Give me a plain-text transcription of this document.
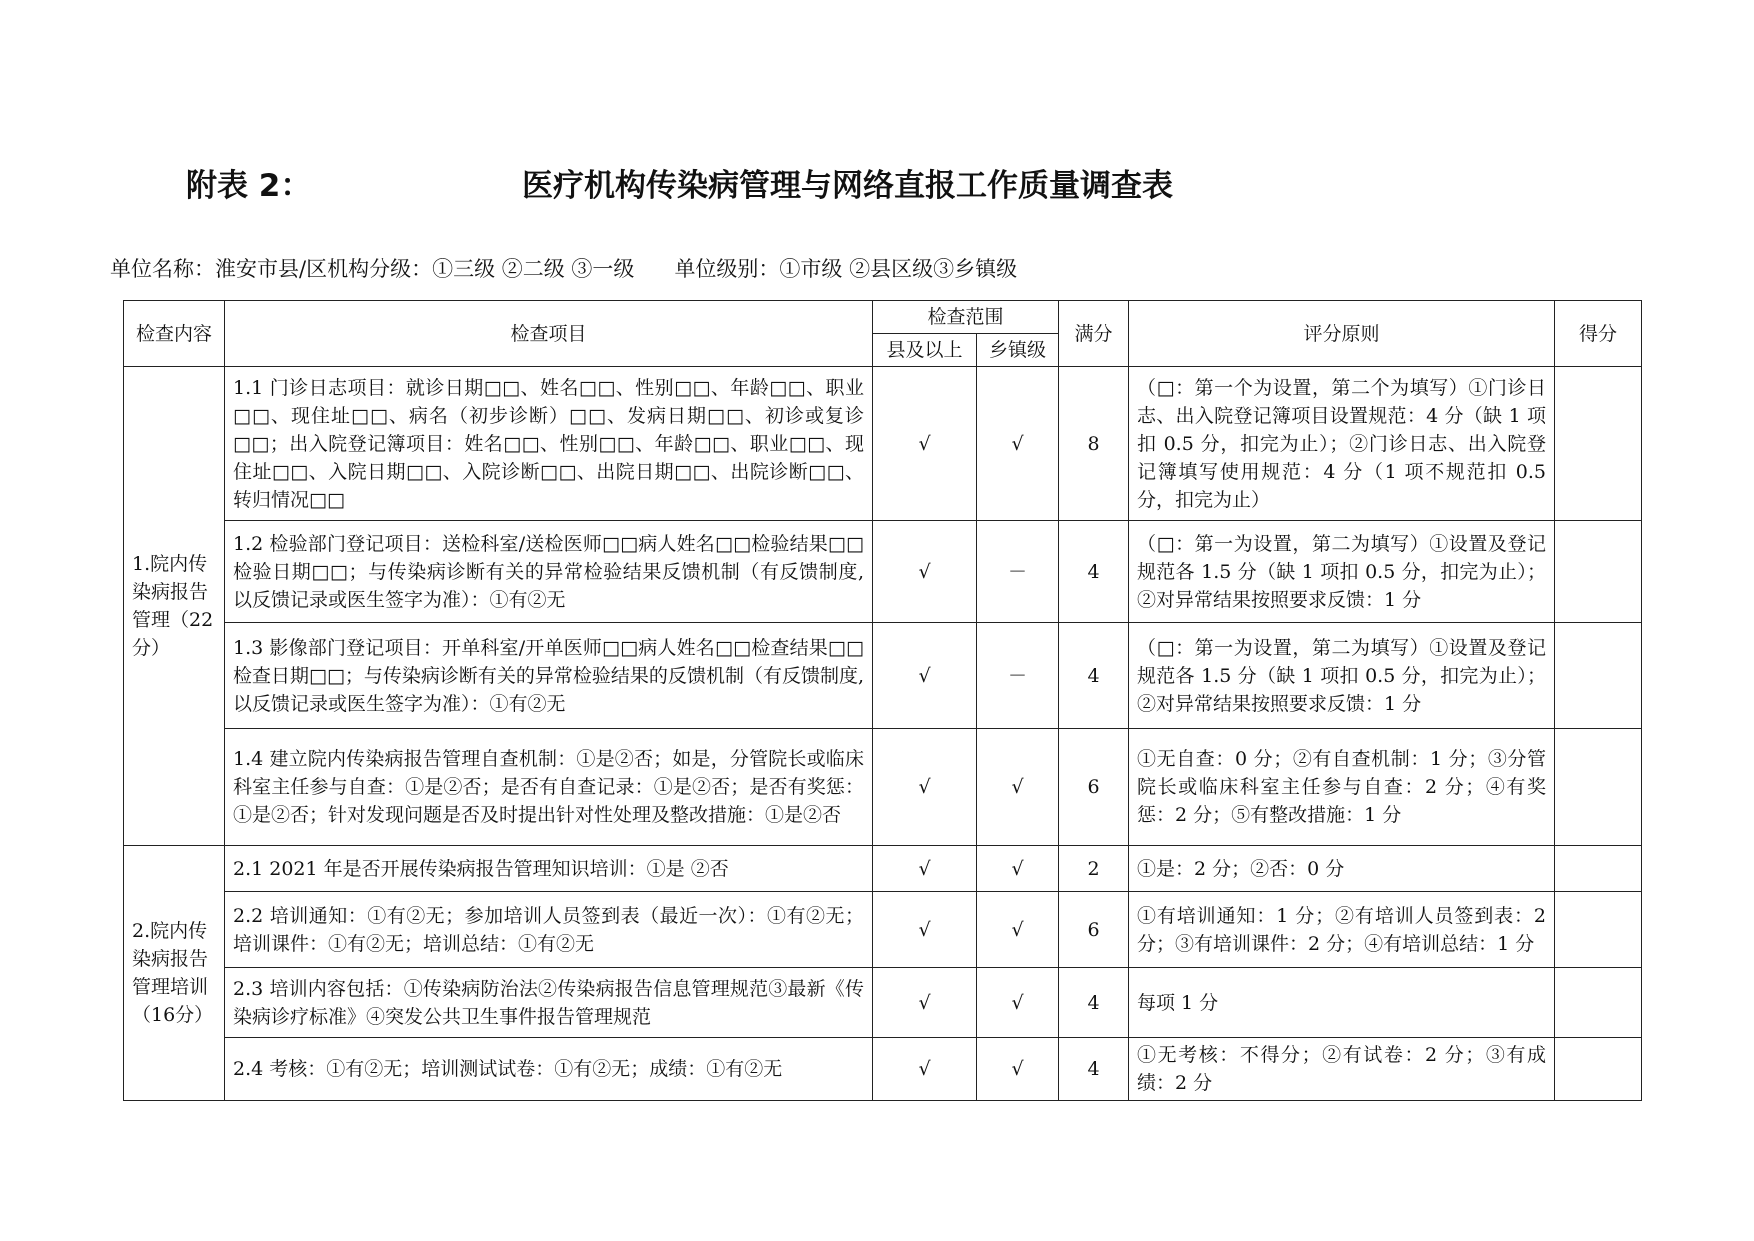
附表 2：	医疗机构传染病管理与网络直报工作质量调查表
单位名称：淮安市县/区机构分级：①三级 ②二级 ③一级 单位级别：①市级 ②县区级③乡镇级
检查内容	检查项目	检查范围		满分	评分原则	得分
		县及以上	乡镇级			
1.院内传染病报告管理（22分）	1.1 门诊日志项目：就诊日期□□、姓名□□、性别□□、年龄□□、职业□□、现住址□□、病名（初步诊断）□□、发病日期□□、初诊或复诊□□；出入院登记簿项目：姓名□□、性别□□、年龄□□、职业□□、现住址□□、入院日期□□、入院诊断□□、出院日期□□、出院诊断□□、转归情况□□	√	√	8	（□：第一个为设置，第二个为填写）①门诊日志、出入院登记簿项目设置规范：4 分（缺 1 项扣 0.5 分，扣完为止）；②门诊日志、出入院登记簿填写使用规范：4 分（1 项不规范扣 0.5 分，扣完为止）	
	1.2 检验部门登记项目：送检科室/送检医师□□病人姓名□□检验结果□□检验日期□□；与传染病诊断有关的异常检验结果反馈机制（有反馈制度, 以反馈记录或医生签字为准）：①有②无	√	－	4	（□：第一为设置，第二为填写）①设置及登记规范各 1.5 分（缺 1 项扣 0.5 分，扣完为止）；②对异常结果按照要求反馈：1 分	
	1.3 影像部门登记项目：开单科室/开单医师□□病人姓名□□检查结果□□检查日期□□；与传染病诊断有关的异常检验结果的反馈机制（有反馈制度, 以反馈记录或医生签字为准）：①有②无	√	－	4	（□：第一为设置，第二为填写）①设置及登记规范各 1.5 分（缺 1 项扣 0.5 分，扣完为止）；②对异常结果按照要求反馈：1 分	
	1.4 建立院内传染病报告管理自查机制：①是②否；如是，分管院长或临床科室主任参与自查：①是②否；是否有自查记录：①是②否；是否有奖惩：①是②否；针对发现问题是否及时提出针对性处理及整改措施：①是②否	√	√	6	①无自查：0 分；②有自查机制：1 分；③分管院长或临床科室主任参与自查：2 分；④有奖惩：2 分；⑤有整改措施：1 分	
2.院内传染病报告管理培训（16分）	2.1 2021 年是否开展传染病报告管理知识培训：①是 ②否	√	√	2	①是：2 分；②否：0 分	
	2.2 培训通知：①有②无；参加培训人员签到表（最近一次）：①有②无；培训课件：①有②无；培训总结：①有②无	√	√	6	①有培训通知：1 分；②有培训人员签到表：2 分；③有培训课件：2 分；④有培训总结：1 分	
	2.3 培训内容包括：①传染病防治法②传染病报告信息管理规范③最新《传染病诊疗标准》④突发公共卫生事件报告管理规范	√	√	4	每项 1 分	
	2.4 考核：①有②无；培训测试试卷：①有②无；成绩：①有②无	√	√	4	①无考核：不得分；②有试卷：2 分；③有成绩：2 分	
